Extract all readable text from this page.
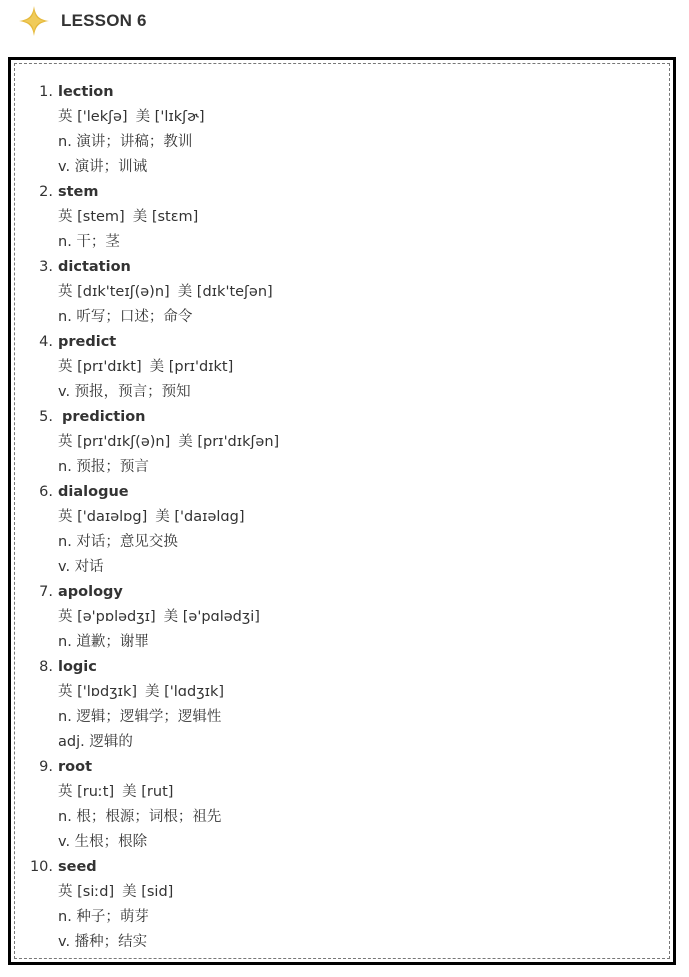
LESSON 6
1. lection
英 ['lekʃə] 美 ['lɪkʃɚ]
n. 演讲；讲稿；教训
v. 演讲；训诫
2. stem
英 [stem] 美 [stɛm]
n. 干；茎
3. dictation
英 [dɪk'teɪʃ(ə)n] 美 [dɪk'teʃən]
n. 听写；口述；命令
4. predict
英 [prɪ'dɪkt] 美 [prɪ'dɪkt]
v. 预报，预言；预知
5. prediction
英 [prɪ'dɪkʃ(ə)n] 美 [prɪ'dɪkʃən]
n. 预报；预言
6. dialogue
英 ['daɪəlɒg] 美 ['daɪəlɑg]
n. 对话；意见交换
v. 对话
7. apology
英 [ə'pɒlədʒɪ] 美 [ə'pɑlədʒi]
n. 道歉；谢罪
8. logic
英 ['lɒdʒɪk] 美 ['lɑdʒɪk]
n. 逻辑；逻辑学；逻辑性
adj. 逻辑的
9. root
英 [ruːt] 美 [rut]
n. 根；根源；词根；祖先
v. 生根；根除
10. seed
英 [siːd] 美 [sid]
n. 种子；萌芽
v. 播种；结实
